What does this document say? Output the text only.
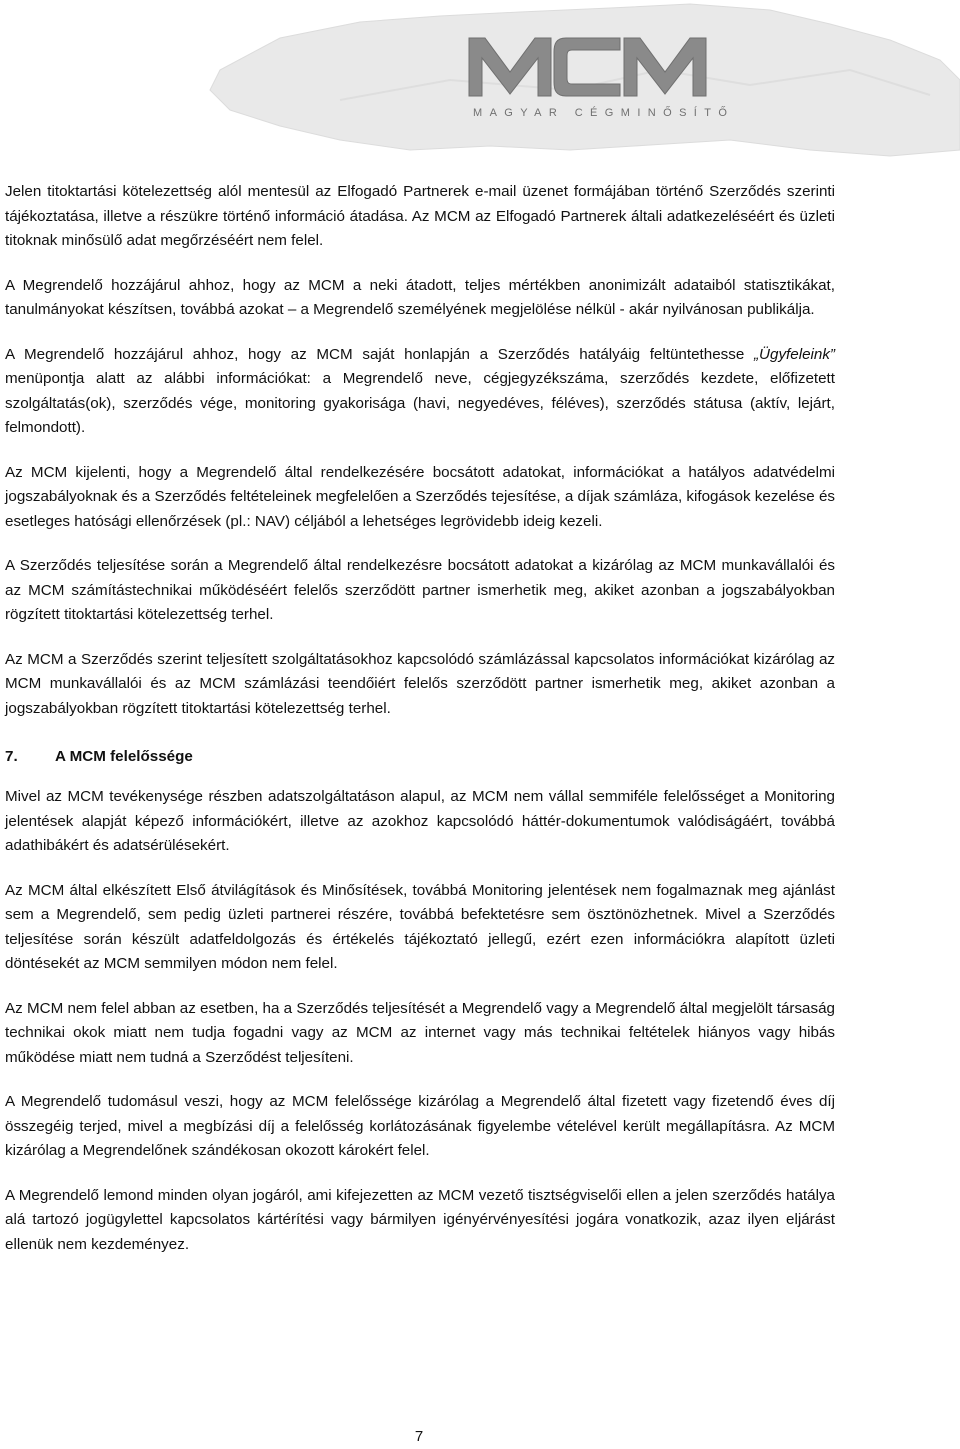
MAGYAR CÉGMINŐSÍTŐ

Jelen titoktartási kötelezettség alól mentesül az Elfogadó Partnerek e-mail üzenet formájában történő Szerződés szerinti tájékoztatása, illetve a részükre történő információ átadása. Az MCM az Elfogadó Partnerek általi adatkezeléséért és üzleti titoknak minősülő adat megőrzéséért nem felel.

A Megrendelő hozzájárul ahhoz, hogy az MCM a neki átadott, teljes mértékben anonimizált adataiból statisztikákat, tanulmányokat készítsen, továbbá azokat – a Megrendelő személyének megjelölése nélkül - akár nyilvánosan publikálja.

A Megrendelő hozzájárul ahhoz, hogy az MCM saját honlapján a Szerződés hatályáig feltüntethesse „Ügyfeleink” menüpontja alatt az alábbi információkat: a Megrendelő neve, cégjegyzékszáma, szerződés kezdete, előfizetett szolgáltatás(ok), szerződés vége, monitoring gyakorisága (havi, negyedéves, féléves), szerződés státusa (aktív, lejárt, felmondott).

Az MCM kijelenti, hogy a Megrendelő által rendelkezésére bocsátott adatokat, információkat a hatályos adatvédelmi jogszabályoknak és a Szerződés feltételeinek megfelelően a Szerződés tejesítése, a díjak számláza, kifogások kezelése és esetleges hatósági ellenőrzések (pl.: NAV) céljából a lehetséges legrövidebb ideig kezeli.

A Szerződés teljesítése során a Megrendelő által rendelkezésre bocsátott adatokat a kizárólag az MCM munkavállalói és az MCM számítástechnikai működéséért felelős szerződött partner ismerhetik meg, akiket azonban a jogszabályokban rögzített titoktartási kötelezettség terhel.

Az MCM a Szerződés szerint teljesített szolgáltatásokhoz kapcsolódó számlázással kapcsolatos információkat kizárólag az MCM munkavállalói és az MCM számlázási teendőiért felelős szerződött partner ismerhetik meg, akiket azonban a jogszabályokban rögzített titoktartási kötelezettség terhel.

7. A MCM felelőssége

Mivel az MCM tevékenysége részben adatszolgáltatáson alapul, az MCM nem vállal semmiféle felelősséget a Monitoring jelentések alapját képező információkért, illetve az azokhoz kapcsolódó háttér-dokumentumok valódiságáért, továbbá adathibákért és adatsérülésekért.

Az MCM által elkészített Első átvilágítások és Minősítések, továbbá Monitoring jelentések nem fogalmaznak meg ajánlást sem a Megrendelő, sem pedig üzleti partnerei részére, továbbá befektetésre sem ösztönözhetnek. Mivel a Szerződés teljesítése során készült adatfeldolgozás és értékelés tájékoztató jellegű, ezért ezen információkra alapított üzleti döntésekét az MCM semmilyen módon nem felel.

Az MCM nem felel abban az esetben, ha a Szerződés teljesítését a Megrendelő vagy a Megrendelő által megjelölt társaság technikai okok miatt nem tudja fogadni vagy az MCM az internet vagy más technikai feltételek hiányos vagy hibás működése miatt nem tudná a Szerződést teljesíteni.

A Megrendelő tudomásul veszi, hogy az MCM felelőssége kizárólag a Megrendelő által fizetett vagy fizetendő éves díj összegéig terjed, mivel a megbízási díj a felelősség korlátozásának figyelembe vételével került megállapításra. Az MCM kizárólag a Megrendelőnek szándékosan okozott károkért felel.

A Megrendelő lemond minden olyan jogáról, ami kifejezetten az MCM vezető tisztségviselői ellen a jelen szerződés hatálya alá tartozó jogügylettel kapcsolatos kártérítési vagy bármilyen igényérvényesítési jogára vonatkozik, azaz ilyen eljárást ellenük nem kezdeményez.

7
